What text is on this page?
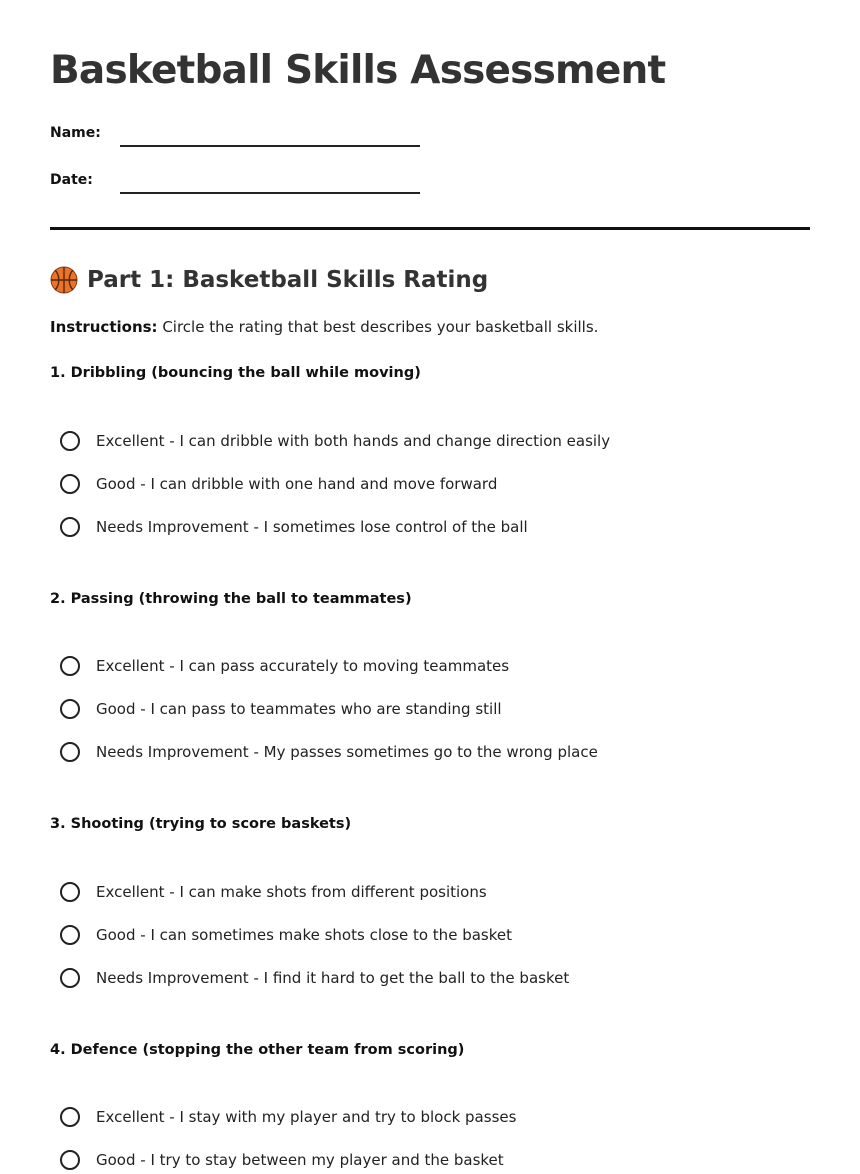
Basketball Skills Assessment
Name:
Date:
Part 1: Basketball Skills Rating
Instructions: Circle the rating that best describes your basketball skills.
1. Dribbling (bouncing the ball while moving)
Excellent - I can dribble with both hands and change direction easily
Good - I can dribble with one hand and move forward
Needs Improvement - I sometimes lose control of the ball
2. Passing (throwing the ball to teammates)
Excellent - I can pass accurately to moving teammates
Good - I can pass to teammates who are standing still
Needs Improvement - My passes sometimes go to the wrong place
3. Shooting (trying to score baskets)
Excellent - I can make shots from different positions
Good - I can sometimes make shots close to the basket
Needs Improvement - I find it hard to get the ball to the basket
4. Defence (stopping the other team from scoring)
Excellent - I stay with my player and try to block passes
Good - I try to stay between my player and the basket
